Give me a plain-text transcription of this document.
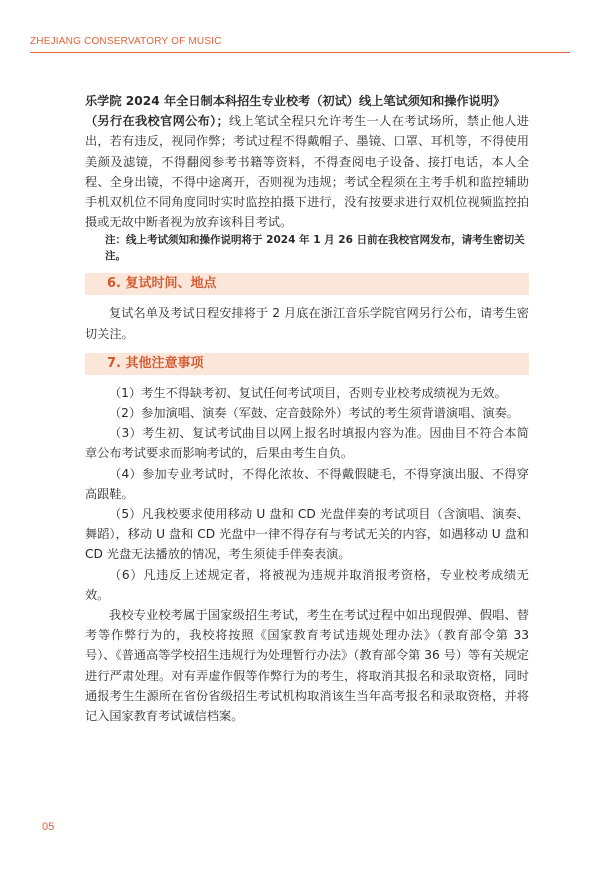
ZHEJIANG CONSERVATORY OF MUSIC

乐学院 2024 年全日制本科招生专业校考（初试）线上笔试须知和操作说明》

（另行在我校官网公布）；线上笔试全程只允许考生一人在考试场所，禁止他人进出，若有违反，视同作弊；考试过程不得戴帽子、墨镜、口罩、耳机等，不得使用美颜及滤镜，不得翻阅参考书籍等资料，不得查阅电子设备、接打电话，本人全程、全身出镜，不得中途离开，否则视为违规；考试全程须在主考手机和监控辅助手机双机位不同角度同时实时监控拍摄下进行，没有按要求进行双机位视频监控拍摄或无故中断者视为放弃该科目考试。

注：线上考试须知和操作说明将于 2024 年 1 月 26 日前在我校官网发布，请考生密切关注。

6. 复试时间、地点

复试名单及考试日程安排将于 2 月底在浙江音乐学院官网另行公布，请考生密切关注。

7. 其他注意事项

（1）考生不得缺考初、复试任何考试项目，否则专业校考成绩视为无效。

（2）参加演唱、演奏（军鼓、定音鼓除外）考试的考生须背谱演唱、演奏。

（3）考生初、复试考试曲目以网上报名时填报内容为准。因曲目不符合本简章公布考试要求而影响考试的，后果由考生自负。

（4）参加专业考试时，不得化浓妆、不得戴假睫毛，不得穿演出服、不得穿高跟鞋。

（5）凡我校要求使用移动 U 盘和 CD 光盘伴奏的考试项目（含演唱、演奏、舞蹈），移动 U 盘和 CD 光盘中一律不得存有与考试无关的内容，如遇移动 U 盘和 CD 光盘无法播放的情况，考生须徒手伴奏表演。

（6）凡违反上述规定者，将被视为违规并取消报考资格，专业校考成绩无效。

我校专业校考属于国家级招生考试，考生在考试过程中如出现假弹、假唱、替考等作弊行为的，我校将按照《国家教育考试违规处理办法》（教育部令第 33 号）、《普通高等学校招生违规行为处理暂行办法》（教育部令第 36 号）等有关规定进行严肃处理。对有弄虚作假等作弊行为的考生，将取消其报名和录取资格，同时通报考生生源所在省份省级招生考试机构取消该生当年高考报名和录取资格，并将记入国家教育考试诚信档案。

05
